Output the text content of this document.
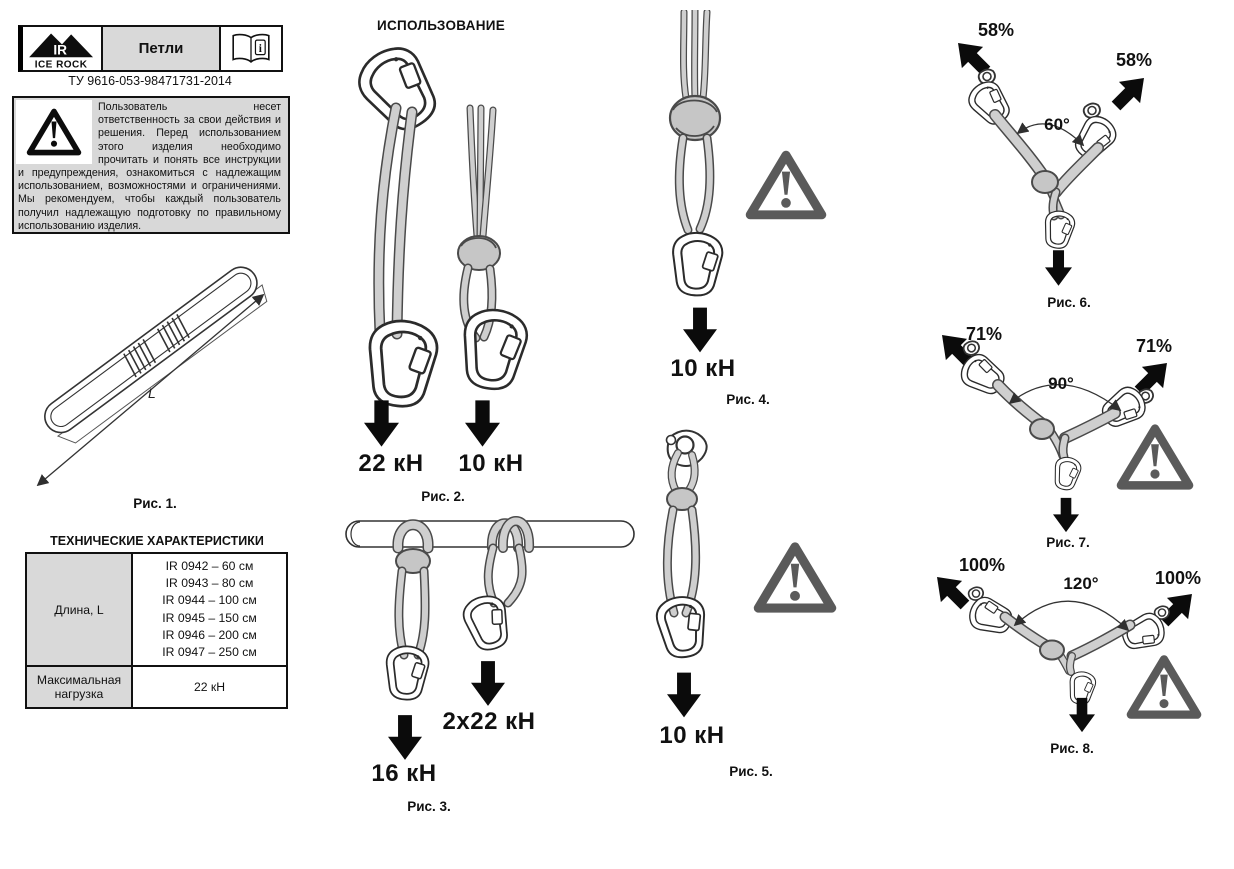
IR
ICE ROCK
Петли	i
ТУ 9616-053-98471731-2014
Пользователь несет ответственность за свои действия и решения. Перед использованием этого изделия необходимо прочитать и понять все инструкции и предупреждения, ознакомиться с надлежащим использованием, возможностями и ограничениями. Мы рекомендуем, чтобы каждый пользователь получил надлежащую подготовку по правильному использованию изделия.
L
Рис. 1.
ТЕХНИЧЕСКИЕ ХАРАКТЕРИСТИКИ
Длина, L
IR 0942 – 60 см
IR 0943 – 80 см
IR 0944 – 100 см
IR 0945 – 150 см
IR 0946 – 200 см
IR 0947 – 250 см
Максимальная нагрузка	22 кН
ИСПОЛЬЗОВАНИЕ
22 кН 10 кН
Рис. 2.
2x22 кН
16 кН
Рис. 3.
10 кН
Рис. 4.
10 кН
Рис. 5.
58%
58%
60°
Рис. 6.
71%
71%
90°
Рис. 7.
100%
100%
120°
Рис. 8.
